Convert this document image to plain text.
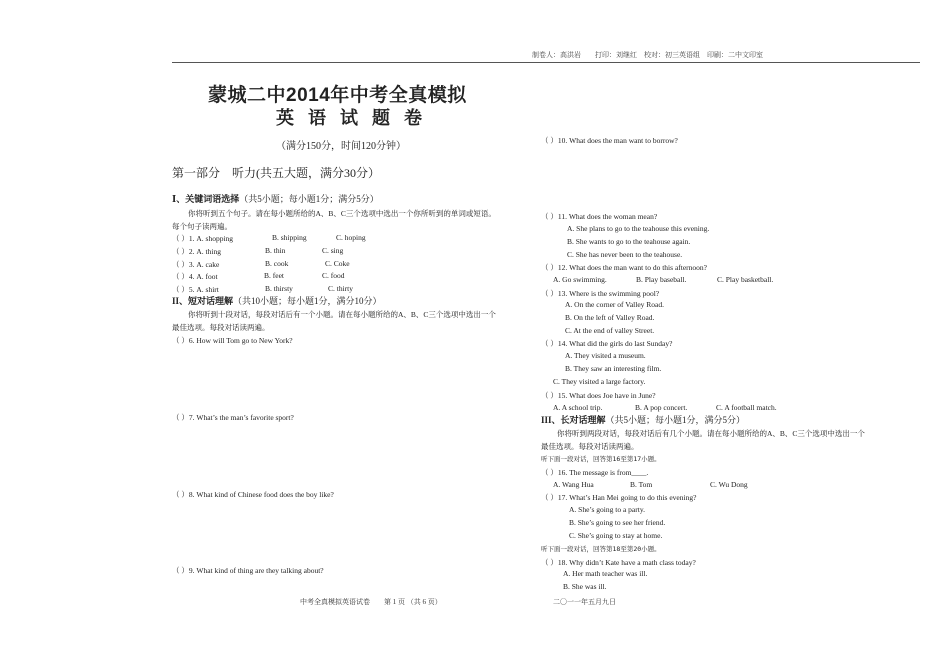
制卷人：高洪岩　　打印：刘继红　校对：初三英语组　印刷：二中文印室
蒙城二中2014年中考全真模拟
英语试题卷
（满分150分，时间120分钟）
第一部分　听力(共五大题，满分30分）
Ⅰ、关键词语选择（共5小题；每小题1分；满分5分）
你将听到五个句子。请在每小题所给的A、B、C三个选项中选出一个你所听到的单词或短语。
每个句子读两遍。
（ ）1. A. shopping	B. shipping	C. hoping
（ ）2. A. thing	B. thin	C. sing
（ ）3. A. cake	B. cook	C. Coke
（ ）4. A. foot	B. feet	C. food
（ ）5. A. shirt	B. thirsty	C. thirty
II、短对话理解（共10小题；每小题1分，满分10分）
你将听到十段对话，每段对话后有一个小题。请在每小题所给的A、B、C三个选项中选出一个
最佳选项。每段对话读两遍。
（ ）6. How will Tom go to New York?
（ ）7. What’s the man’s favorite sport?
（ ）8. What kind of Chinese food does the boy like?
（ ）9. What kind of thing are they talking about?
（ ）10. What does the man want to borrow?
（ ）11. What does the woman mean?
A. She plans to go to the teahouse this evening.
B. She wants to go to the teahouse again.
C. She has never been to the teahouse.
（ ）12. What does the man want to do this afternoon?
A. Go swimming.	B. Play baseball.	C. Play basketball.
（ ）13. Where is the swimming pool?
A. On the corner of Valley Road.
B. On the left of Valley Road.
C. At the end of valley Street.
（ ）14. What did the girls do last Sunday?
A. They visited a museum.
B. They saw an interesting film.
C. They visited a large factory.
（ ）15. What does Joe have in June?
A. A school trip.	B. A pop concert.	C. A football match.
III、长对话理解（共5小题；每小题1分，满分5分）
你将听到两段对话，每段对话后有几个小题。请在每小题所给的A、B、C三个选项中选出一个
最佳选项。每段对话读两遍。
听下面一段对话，回答第16至第17小题。
（ ）16. The message is from____.
A. Wang Hua	B. Tom	C. Wu Dong
（ ）17. What’s Han Mei going to do this evening?
A. She’s going to a party.
B. She’s going to see her friend.
C. She’s going to stay at home.
听下面一段对话，回答第18至第20小题。
（ ）18. Why didn’t Kate have a math class today?
A. Her math teacher was ill.
B. She was ill.
中考全真模拟英语试卷　　第 1 页 （共 6 页）	二〇一一年五月九日
